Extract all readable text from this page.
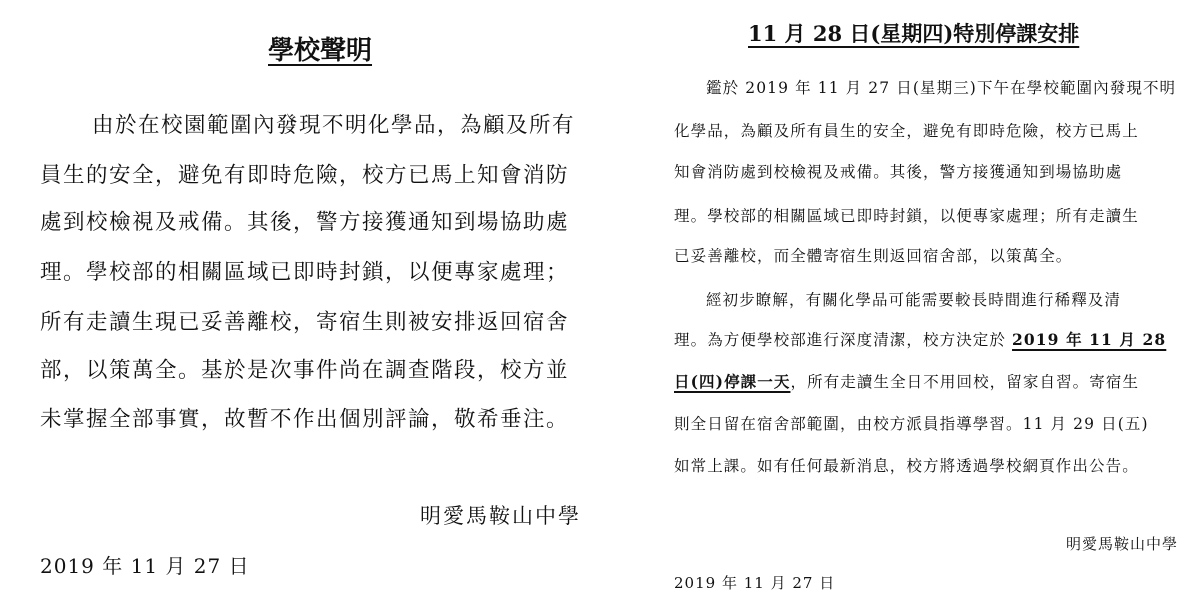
學校聲明
由於在校園範圍內發現不明化學品，為顧及所有
員生的安全，避免有即時危險，校方已馬上知會消防
處到校檢視及戒備。其後，警方接獲通知到場協助處
理。學校部的相關區域已即時封鎖，以便專家處理；
所有走讀生現已妥善離校，寄宿生則被安排返回宿舍
部，以策萬全。基於是次事件尚在調查階段，校方並
未掌握全部事實，故暫不作出個別評論，敬希垂注。
明愛馬鞍山中學
2019 年 11 月 27 日
11 月 28 日(星期四)特別停課安排
鑑於 2019 年 11 月 27 日(星期三)下午在學校範圍內發現不明
化學品，為顧及所有員生的安全，避免有即時危險，校方已馬上
知會消防處到校檢視及戒備。其後，警方接獲通知到場協助處
理。學校部的相關區域已即時封鎖，以便專家處理；所有走讀生
已妥善離校，而全體寄宿生則返回宿舍部，以策萬全。
經初步瞭解，有關化學品可能需要較長時間進行稀釋及清
理。為方便學校部進行深度清潔，校方決定於 2019 年 11 月 28
日(四)停課一天，所有走讀生全日不用回校，留家自習。寄宿生
則全日留在宿舍部範圍，由校方派員指導學習。11 月 29 日(五)
如常上課。如有任何最新消息，校方將透過學校網頁作出公告。
明愛馬鞍山中學
2019 年 11 月 27 日
